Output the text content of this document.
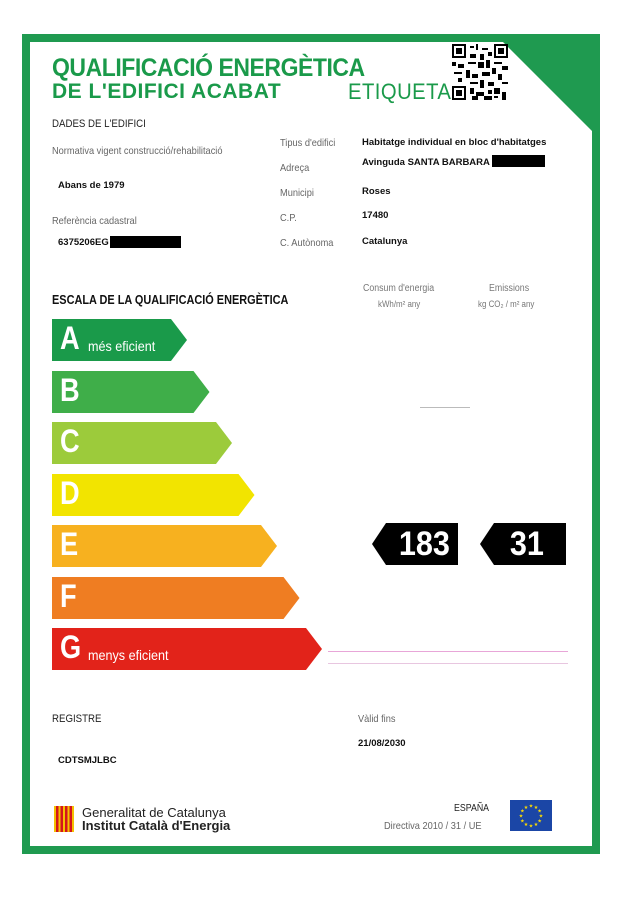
QUALIFICACIÓ ENERGÈTICA
DE L'EDIFICI ACABAT	ETIQUETA
DADES DE L'EDIFICI
Normativa vigent construcció/rehabilitació
Abans de 1979
Referència cadastral
6375206EG
Tipus d'edifici	Habitatge individual en bloc d'habitatges
Adreça	Avinguda SANTA BARBARA
Municipi	Roses
C.P.	17480
C. Autònoma	Catalunya
ESCALA DE LA QUALIFICACIÓ ENERGÈTICA
Consum d'energia
kWh/m² any
Emissions
kg CO₂ / m² any
A més eficient
B
C
D
E
F
G menys eficient
183 31
REGISTRE
CDTSMJLBC
Vàlid fins
21/08/2030
Generalitat de Catalunya
Institut Català d'Energia
ESPAÑA
Directiva 2010 / 31 / UE
★
★
★
★
★
★
★
★
★ ★ ★
★
